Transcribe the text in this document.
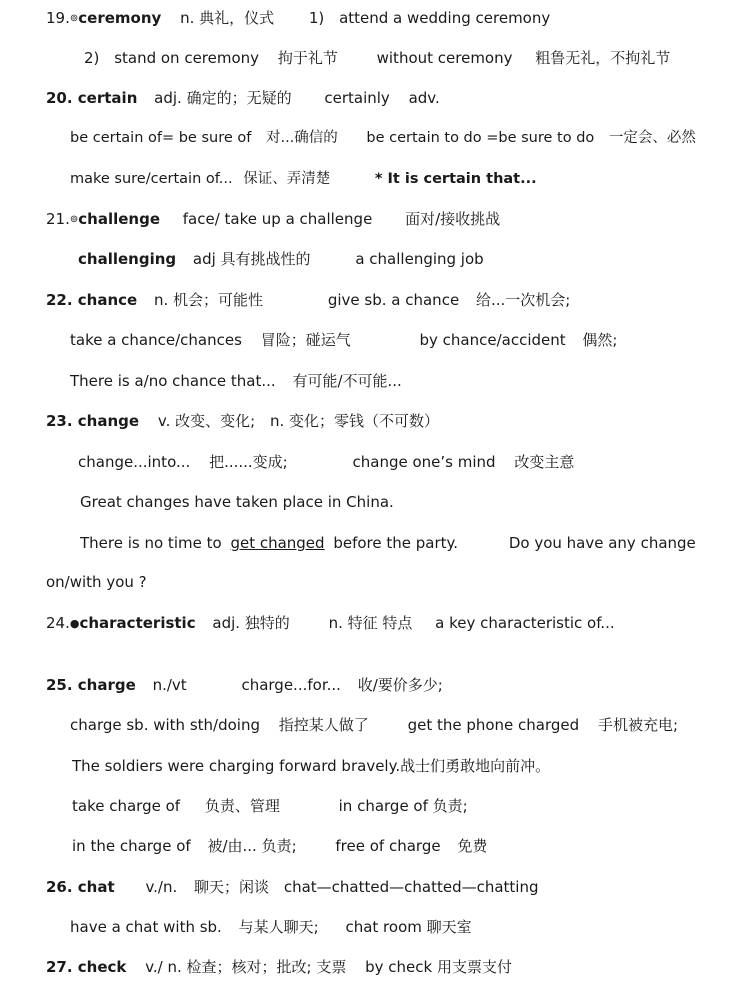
19.⊚ceremony n. 典礼，仪式 1) attend a wedding ceremony
2) stand on ceremony 拘于礼节	without ceremony 粗鲁无礼，不拘礼节
20. certain adj. 确定的；无疑的 certainly adv.
be certain of= be sure of 对...确信的 be certain to do =be sure to do 一定会、必然
make sure/certain of... 保证、弄清楚	* It is certain that...
21.⊚challenge face/ take up a challenge 面对/接收挑战
challenging adj 具有挑战性的	a challenging job
22. chance n. 机会；可能性	give sb. a chance 给...一次机会;
take a chance/chances 冒险；碰运气	by chance/accident 偶然;
There is a/no chance that... 有可能/不可能...
23. change v. 改变、变化; n. 变化；零钱（不可数）
change...into... 把......变成;	change one’s mind 改变主意
Great changes have taken place in China.
There is no time to get changed before the party.	Do you have any change
on/with you ?
24.●characteristic adj. 独特的	n. 特征 特点 a key characteristic of...
25. charge n./vt	charge...for... 收/要价多少;
charge sb. with sth/doing 指控某人做了	get the phone charged 手机被充电;
The soldiers were charging forward bravely.战士们勇敢地向前冲。
take charge of 负责、管理	in charge of 负责;
in the charge of 被/由... 负责;	free of charge 免费
26. chat v./n. 聊天；闲谈 chat—chatted—chatted—chatting
have a chat with sb. 与某人聊天; chat room 聊天室
27. check v./ n. 检查；核对；批改; 支票 by check 用支票支付
